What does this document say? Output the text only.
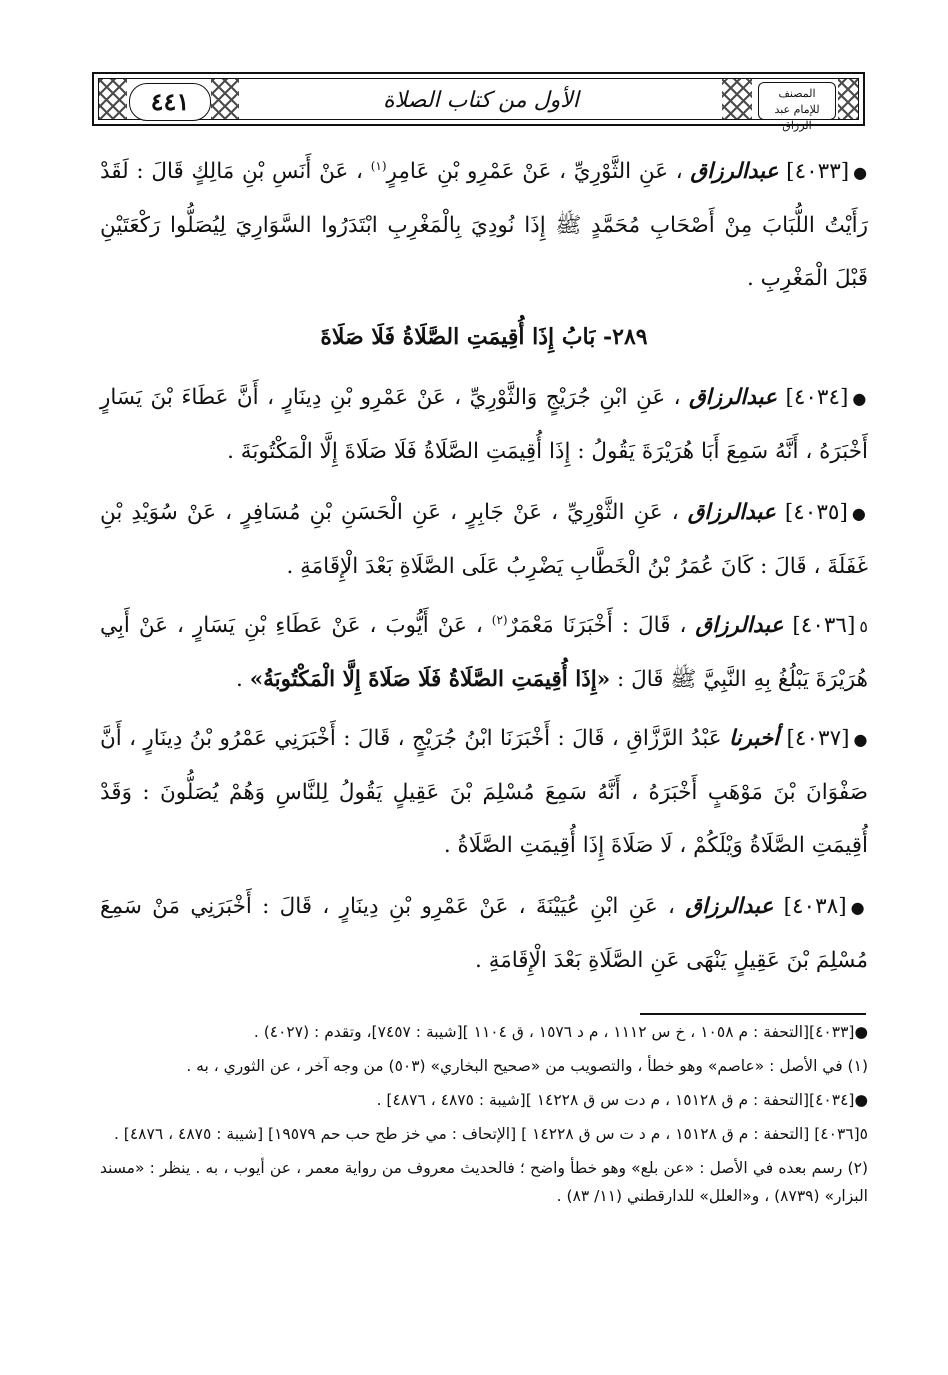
٤٤١	الأول من كتاب الصلاة	المصنف
للإمام عبد الرزاق

●[٤٠٣٣] عبدالرزاق ، عَنِ الثَّوْرِيِّ ، عَنْ عَمْرِو بْنِ عَامِرٍ$^{(١)}$ ، عَنْ أَنَسِ بْنِ مَالِكٍ قَالَ : لَقَدْ رَأَيْتُ اللُّبَابَ مِنْ أَصْحَابِ مُحَمَّدٍ ﷺ إِذَا نُودِيَ بِالْمَغْرِبِ ابْتَدَرُوا السَّوَارِيَ لِيُصَلُّوا رَكْعَتَيْنِ قَبْلَ الْمَغْرِبِ .

٢٨٩- بَابُ إِذَا أُقِيمَتِ الصَّلَاةُ فَلَا صَلَاةَ

●[٤٠٣٤] عبدالرزاق ، عَنِ ابْنِ جُرَيْجٍ وَالثَّوْرِيِّ ، عَنْ عَمْرِو بْنِ دِينَارٍ ، أَنَّ عَطَاءَ بْنَ يَسَارٍ أَخْبَرَهُ ، أَنَّهُ سَمِعَ أَبَا هُرَيْرَةَ يَقُولُ : إِذَا أُقِيمَتِ الصَّلَاةُ فَلَا صَلَاةَ إِلَّا الْمَكْتُوبَةَ .

●[٤٠٣٥] عبدالرزاق ، عَنِ الثَّوْرِيِّ ، عَنْ جَابِرٍ ، عَنِ الْحَسَنِ بْنِ مُسَافِرٍ ، عَنْ سُوَيْدِ بْنِ غَفَلَةَ ، قَالَ : كَانَ عُمَرُ بْنُ الْخَطَّابِ يَضْرِبُ عَلَى الصَّلَاةِ بَعْدَ الْإِقَامَةِ .

٥[٤٠٣٦] عبدالرزاق ، قَالَ : أَخْبَرَنَا مَعْمَرٌ$^{(٢)}$ ، عَنْ أَيُّوبَ ، عَنْ عَطَاءِ بْنِ يَسَارٍ ، عَنْ أَبِي هُرَيْرَةَ يَبْلُغُ بِهِ النَّبِيَّ ﷺ قَالَ : «إِذَا أُقِيمَتِ الصَّلَاةُ فَلَا صَلَاةَ إِلَّا الْمَكْتُوبَةُ» .

●[٤٠٣٧] أخبرنا عَبْدُ الرَّزَّاقِ ، قَالَ : أَخْبَرَنَا ابْنُ جُرَيْجٍ ، قَالَ : أَخْبَرَنِي عَمْرُو بْنُ دِينَارٍ ، أَنَّ صَفْوَانَ بْنَ مَوْهَبٍ أَخْبَرَهُ ، أَنَّهُ سَمِعَ مُسْلِمَ بْنَ عَقِيلٍ يَقُولُ لِلنَّاسِ وَهُمْ يُصَلُّونَ : وَقَدْ أُقِيمَتِ الصَّلَاةُ وَيْلَكُمْ ، لَا صَلَاةَ إِذَا أُقِيمَتِ الصَّلَاةُ .

●[٤٠٣٨] عبدالرزاق ، عَنِ ابْنِ عُيَيْنَةَ ، عَنْ عَمْرِو بْنِ دِينَارٍ ، قَالَ : أَخْبَرَنِي مَنْ سَمِعَ مُسْلِمَ بْنَ عَقِيلٍ يَنْهَى عَنِ الصَّلَاةِ بَعْدَ الْإِقَامَةِ .

●[٤٠٣٣][التحفة : م ١٠٥٨ ، خ س ١١١٢ ، م د ١٥٧٦ ، ق ١١٠٤ ][شيبة : ٧٤٥٧]، وتقدم : (٤٠٢٧) .

(١) في الأصل : «عاصم» وهو خطأ ، والتصويب من «صحيح البخاري» (٥٠٣) من وجه آخر ، عن الثوري ، به .

●[٤٠٣٤][التحفة : م ق ١٥١٢٨ ، م دت س ق ١٤٢٢٨ ][شيبة : ٤٨٧٥ ، ٤٨٧٦] .

٥[٤٠٣٦] [التحفة : م ق ١٥١٢٨ ، م د ت س ق ١٤٢٢٨ ] [الإتحاف : مي خز طح حب حم ١٩٥٧٩] [شيبة : ٤٨٧٥ ، ٤٨٧٦] .

(٢) رسم بعده في الأصل : «عن بلع» وهو خطأ واضح ؛ فالحديث معروف من رواية معمر ، عن أيوب ، به . ينظر : «مسند البزار» (٨٧٣٩) ، و«العلل» للدارقطني (١١/ ٨٣) .
